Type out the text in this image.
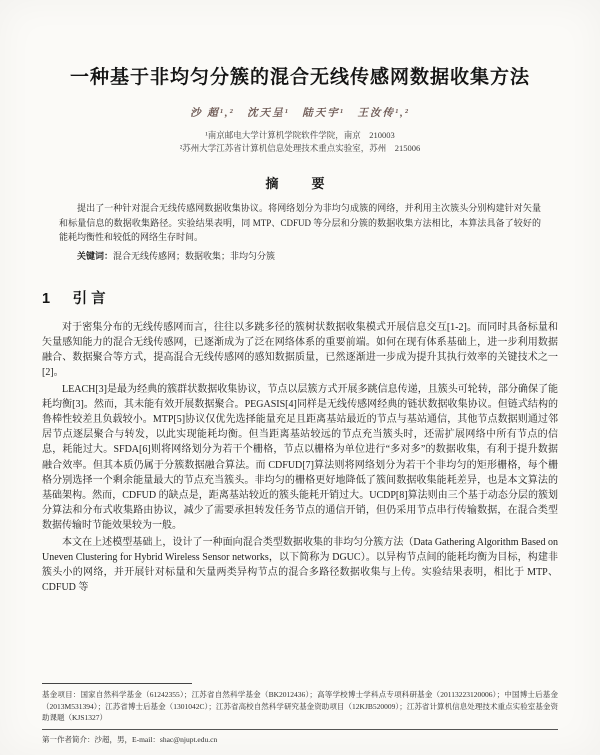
一种基于非均匀分簇的混合无线传感网数据收集方法
沙 超¹,²　沈天呈¹　陆天宇¹　王汝传¹,²
¹南京邮电大学计算机学院软件学院，南京　210003
²苏州大学江苏省计算机信息处理技术重点实验室，苏州　215006
摘　要
提出了一种针对混合无线传感网数据收集协议。将网络划分为非均匀成簇的网络，并利用主次簇头分别构建针对矢量和标量信息的数据收集路径。实验结果表明，同 MTP、CDFUD 等分层和分簇的数据收集方法相比，本算法具备了较好的能耗均衡性和较低的网络生存时间。
关键词：混合无线传感网；数据收集；非均匀分簇
1　引言

对于密集分布的无线传感网而言，往往以多跳多径的簇树状数据收集模式开展信息交互[1-2]。而同时具备标量和矢量感知能力的混合无线传感网，已逐渐成为了泛在网络体系的重要前端。如何在现有体系基础上，进一步利用数据融合、数据聚合等方式，提高混合无线传感网的感知数据质量，已然逐渐进一步成为提升其执行效率的关键技术之一[2]。

LEACH[3]是最为经典的簇群状数据收集协议，节点以层簇方式开展多跳信息传递，且簇头可轮转，部分确保了能耗均衡[3]。然而，其未能有效开展数据聚合。PEGASIS[4]同样是无线传感网经典的链状数据收集协议。但链式结构的鲁棒性较差且负载较小。MTP[5]协议仅优先选择能量充足且距离基站最近的节点与基站通信，其他节点数据则通过邻居节点逐层聚合与转发，以此实现能耗均衡。但当距离基站较远的节点充当簇头时，还需扩展网络中所有节点的信息，耗能过大。SFDA[6]则将网络划分为若干个栅格，节点以栅格为单位进行“多对多”的数据收集，有利于提升数据融合效率。但其本质仍属于分簇数据融合算法。而 CDFUD[7]算法则将网络划分为若干个非均匀的矩形栅格，每个栅格分别选择一个剩余能量最大的节点充当簇头。非均匀的栅格更好地降低了簇间数据收集能耗差异，也是本文算法的基础架构。然而，CDFUD 的缺点是，距离基站较近的簇头能耗开销过大。UCDP[8]算法则由三个基于动态分层的簇划分算法和分布式收集路由协议，减少了需要承担转发任务节点的通信开销，但仍采用节点串行传输数据，在混合类型数据传输时节能效果较为一般。

本文在上述模型基础上，设计了一种面向混合类型数据收集的非均匀分簇方法（Data Gathering Algorithm Based on Uneven Clustering for Hybrid Wireless Sensor networks，以下简称为 DGUC）。以异构节点间的能耗均衡为目标，构建非簇头小的网络，并开展针对标量和矢量两类异构节点的混合多路径数据收集与上传。实验结果表明，相比于 MTP、CDFUD 等

基金项目：国家自然科学基金（61242355）；江苏省自然科学基金（BK2012436）；高等学校博士学科点专项科研基金（20113223120006）；中国博士后基金（2013M531394）；江苏省博士后基金（1301042C）；江苏省高校自然科学研究基金资助项目（12KJB520009）；江苏省计算机信息处理技术重点实验室基金资助课题（KJS1327）
第一作者简介：沙超，男，E-mail：shac@njupt.edu.cn
